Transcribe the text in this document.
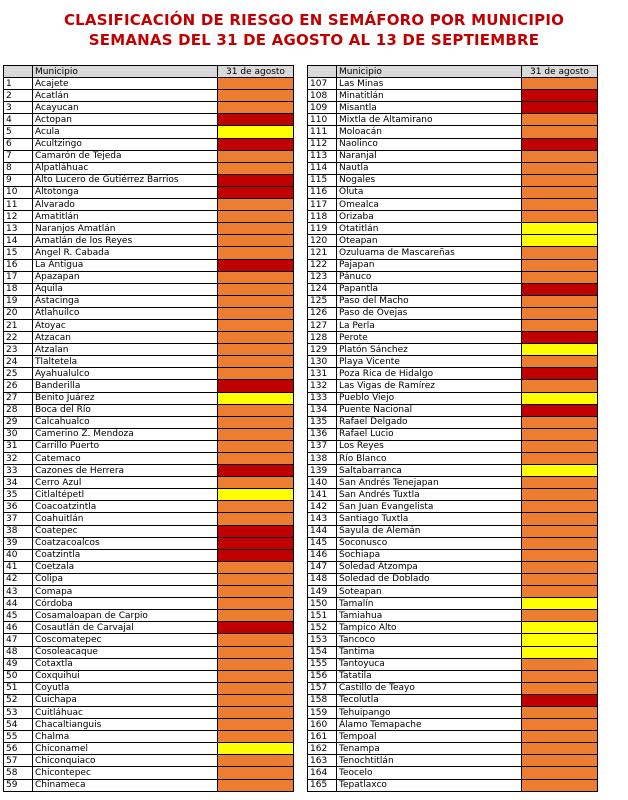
CLASIFICACIÓN DE RIESGO EN SEMÁFORO POR MUNICIPIO
SEMANAS DEL 31 DE AGOSTO AL 13 DE SEPTIEMBRE
	Municipio	31 de agosto
1	Acajete	
2	Acatlán	
3	Acayucan	
4	Actopan	
5	Acula	
6	Acultzingo	
7	Camarón de Tejeda	
8	Alpatláhuac	
9	Alto Lucero de Gutiérrez Barrios	
10	Altotonga	
11	Alvarado	
12	Amatitlán	
13	Naranjos Amatlán	
14	Amatlán de los Reyes	
15	Angel R. Cabada	
16	La Antigua	
17	Apazapan	
18	Aquila	
19	Astacinga	
20	Atlahuilco	
21	Atoyac	
22	Atzacan	
23	Atzalan	
24	Tlaltetela	
25	Ayahualulco	
26	Banderilla	
27	Benito Juárez	
28	Boca del Río	
29	Calcahualco	
30	Camerino Z. Mendoza	
31	Carrillo Puerto	
32	Catemaco	
33	Cazones de Herrera	
34	Cerro Azul	
35	Citlaltépetl	
36	Coacoatzintla	
37	Coahuitlán	
38	Coatepec	
39	Coatzacoalcos	
40	Coatzintla	
41	Coetzala	
42	Colipa	
43	Comapa	
44	Córdoba	
45	Cosamaloapan de Carpio	
46	Cosautlán de Carvajal	
47	Coscomatepec	
48	Cosoleacaque	
49	Cotaxtla	
50	Coxquihui	
51	Coyutla	
52	Cuichapa	
53	Cuitláhuac	
54	Chacaltianguis	
55	Chalma	
56	Chiconamel	
57	Chiconquiaco	
58	Chicontepec	
59	Chinameca	
	Municipio	31 de agosto
107	Las Minas	
108	Minatitlán	
109	Misantla	
110	Mixtla de Altamirano	
111	Moloacán	
112	Naolinco	
113	Naranjal	
114	Nautla	
115	Nogales	
116	Oluta	
117	Omealca	
118	Orizaba	
119	Otatitlán	
120	Oteapan	
121	Ozuluama de Mascareñas	
122	Pajapan	
123	Pánuco	
124	Papantla	
125	Paso del Macho	
126	Paso de Ovejas	
127	La Perla	
128	Perote	
129	Platón Sánchez	
130	Playa Vicente	
131	Poza Rica de Hidalgo	
132	Las Vigas de Ramírez	
133	Pueblo Viejo	
134	Puente Nacional	
135	Rafael Delgado	
136	Rafael Lucio	
137	Los Reyes	
138	Río Blanco	
139	Saltabarranca	
140	San Andrés Tenejapan	
141	San Andrés Tuxtla	
142	San Juan Evangelista	
143	Santiago Tuxtla	
144	Sayula de Alemán	
145	Soconusco	
146	Sochiapa	
147	Soledad Atzompa	
148	Soledad de Doblado	
149	Soteapan	
150	Tamalín	
151	Tamiahua	
152	Tampico Alto	
153	Tancoco	
154	Tantima	
155	Tantoyuca	
156	Tatatila	
157	Castillo de Teayo	
158	Tecolutla	
159	Tehuipango	
160	Álamo Temapache	
161	Tempoal	
162	Tenampa	
163	Tenochtitlán	
164	Teocelo	
165	Tepatlaxco	
